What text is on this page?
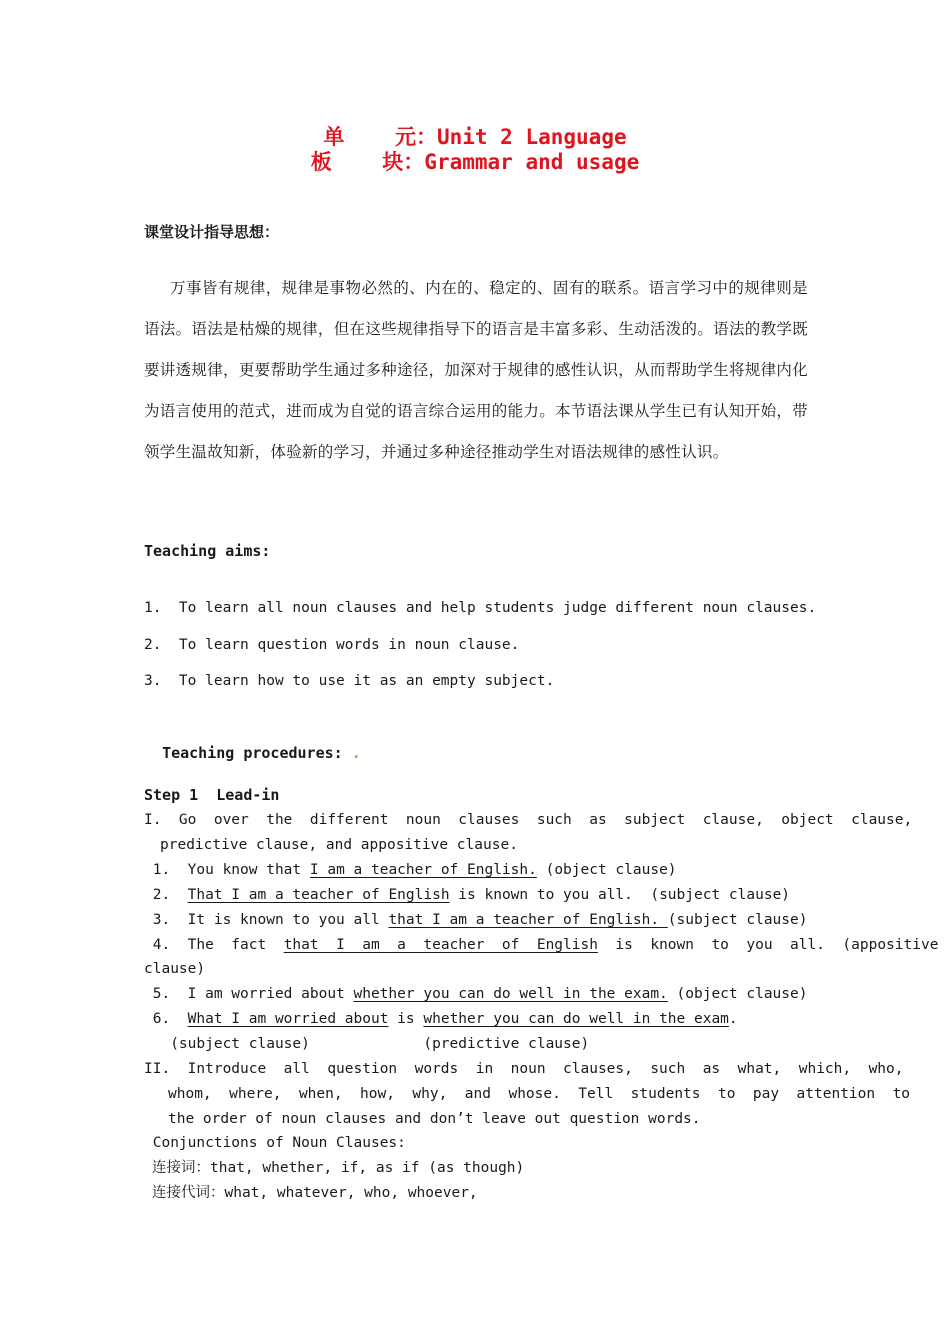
单    元：Unit 2 Language
板    块：Grammar and usage
课堂设计指导思想：
万事皆有规律，规律是事物必然的、内在的、稳定的、固有的联系。语言学习中的规律则是语法。语法是枯燥的规律，但在这些规律指导下的语言是丰富多彩、生动活泼的。语法的教学既要讲透规律，更要帮助学生通过多种途径，加深对于规律的感性认识，从而帮助学生将规律内化为语言使用的范式，进而成为自觉的语言综合运用的能力。本节语法课从学生已有认知开始，带领学生温故知新，体验新的学习，并通过多种途径推动学生对语法规律的感性认识。
Teaching aims:
1.  To learn all noun clauses and help students judge different noun clauses.
2.  To learn question words in noun clause.
3.  To learn how to use it as an empty subject.

Teaching procedures: .

Step 1  Lead-in
I.  Go  over  the  different  noun  clauses  such  as  subject  clause,  object  clause,
predictive clause, and appositive clause.
1.  You know that I am a teacher of English. (object clause)
2.  That I am a teacher of English is known to you all.  (subject clause)
3.  It is known to you all that I am a teacher of English. (subject clause)
4.  The  fact  that  I  am  a  teacher  of  English  is  known  to  you  all.  (appositive
clause)
5.  I am worried about whether you can do well in the exam. (object clause)
6.  What I am worried about is whether you can do well in the exam.
(subject clause)             (predictive clause)
II.  Introduce  all  question  words  in  noun  clauses,  such  as  what,  which,  who,
whom,  where,  when,  how,  why,  and  whose.  Tell  students  to  pay  attention  to
the order of noun clauses and don’t leave out question words.
Conjunctions of Noun Clauses:
连接词：that, whether, if, as if (as though)
连接代词：what, whatever, who, whoever,
